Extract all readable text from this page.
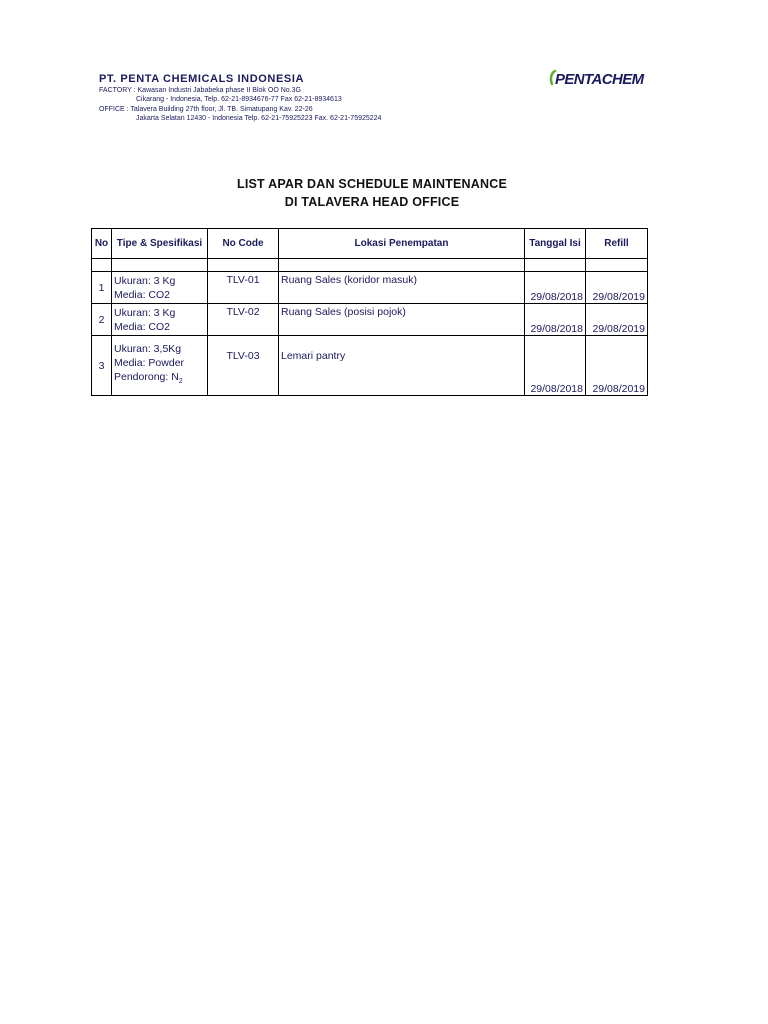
PT. PENTA CHEMICALS INDONESIA
FACTORY : Kawasan Industri Jababeka phase II Blok OO No.3G
Cikarang - Indonesia, Telp. 62-21-8934676-77 Fax 62-21-8934613
OFFICE : Talavera Building 27th floor, Jl. TB. Simatupang Kav. 22-26
Jakarta Selatan 12430 - Indonesia Telp. 62-21-75925223 Fax. 62-21-75925224
PENTACHEM
LIST APAR DAN SCHEDULE MAINTENANCE
DI TALAVERA HEAD OFFICE
No	Tipe & Spesifikasi	No Code	Lokasi Penempatan	Tanggal Isi	Refill

1	Ukuran: 3 Kg
Media: CO2	TLV-01	Ruang Sales (koridor masuk)	29/08/2018	29/08/2019
2	Ukuran: 3 Kg
Media: CO2	TLV-02	Ruang Sales (posisi pojok)	29/08/2018	29/08/2019
3	Ukuran: 3,5Kg
Media: Powder
Pendorong: $N_2$	TLV-03	Lemari pantry	29/08/2018	29/08/2019
